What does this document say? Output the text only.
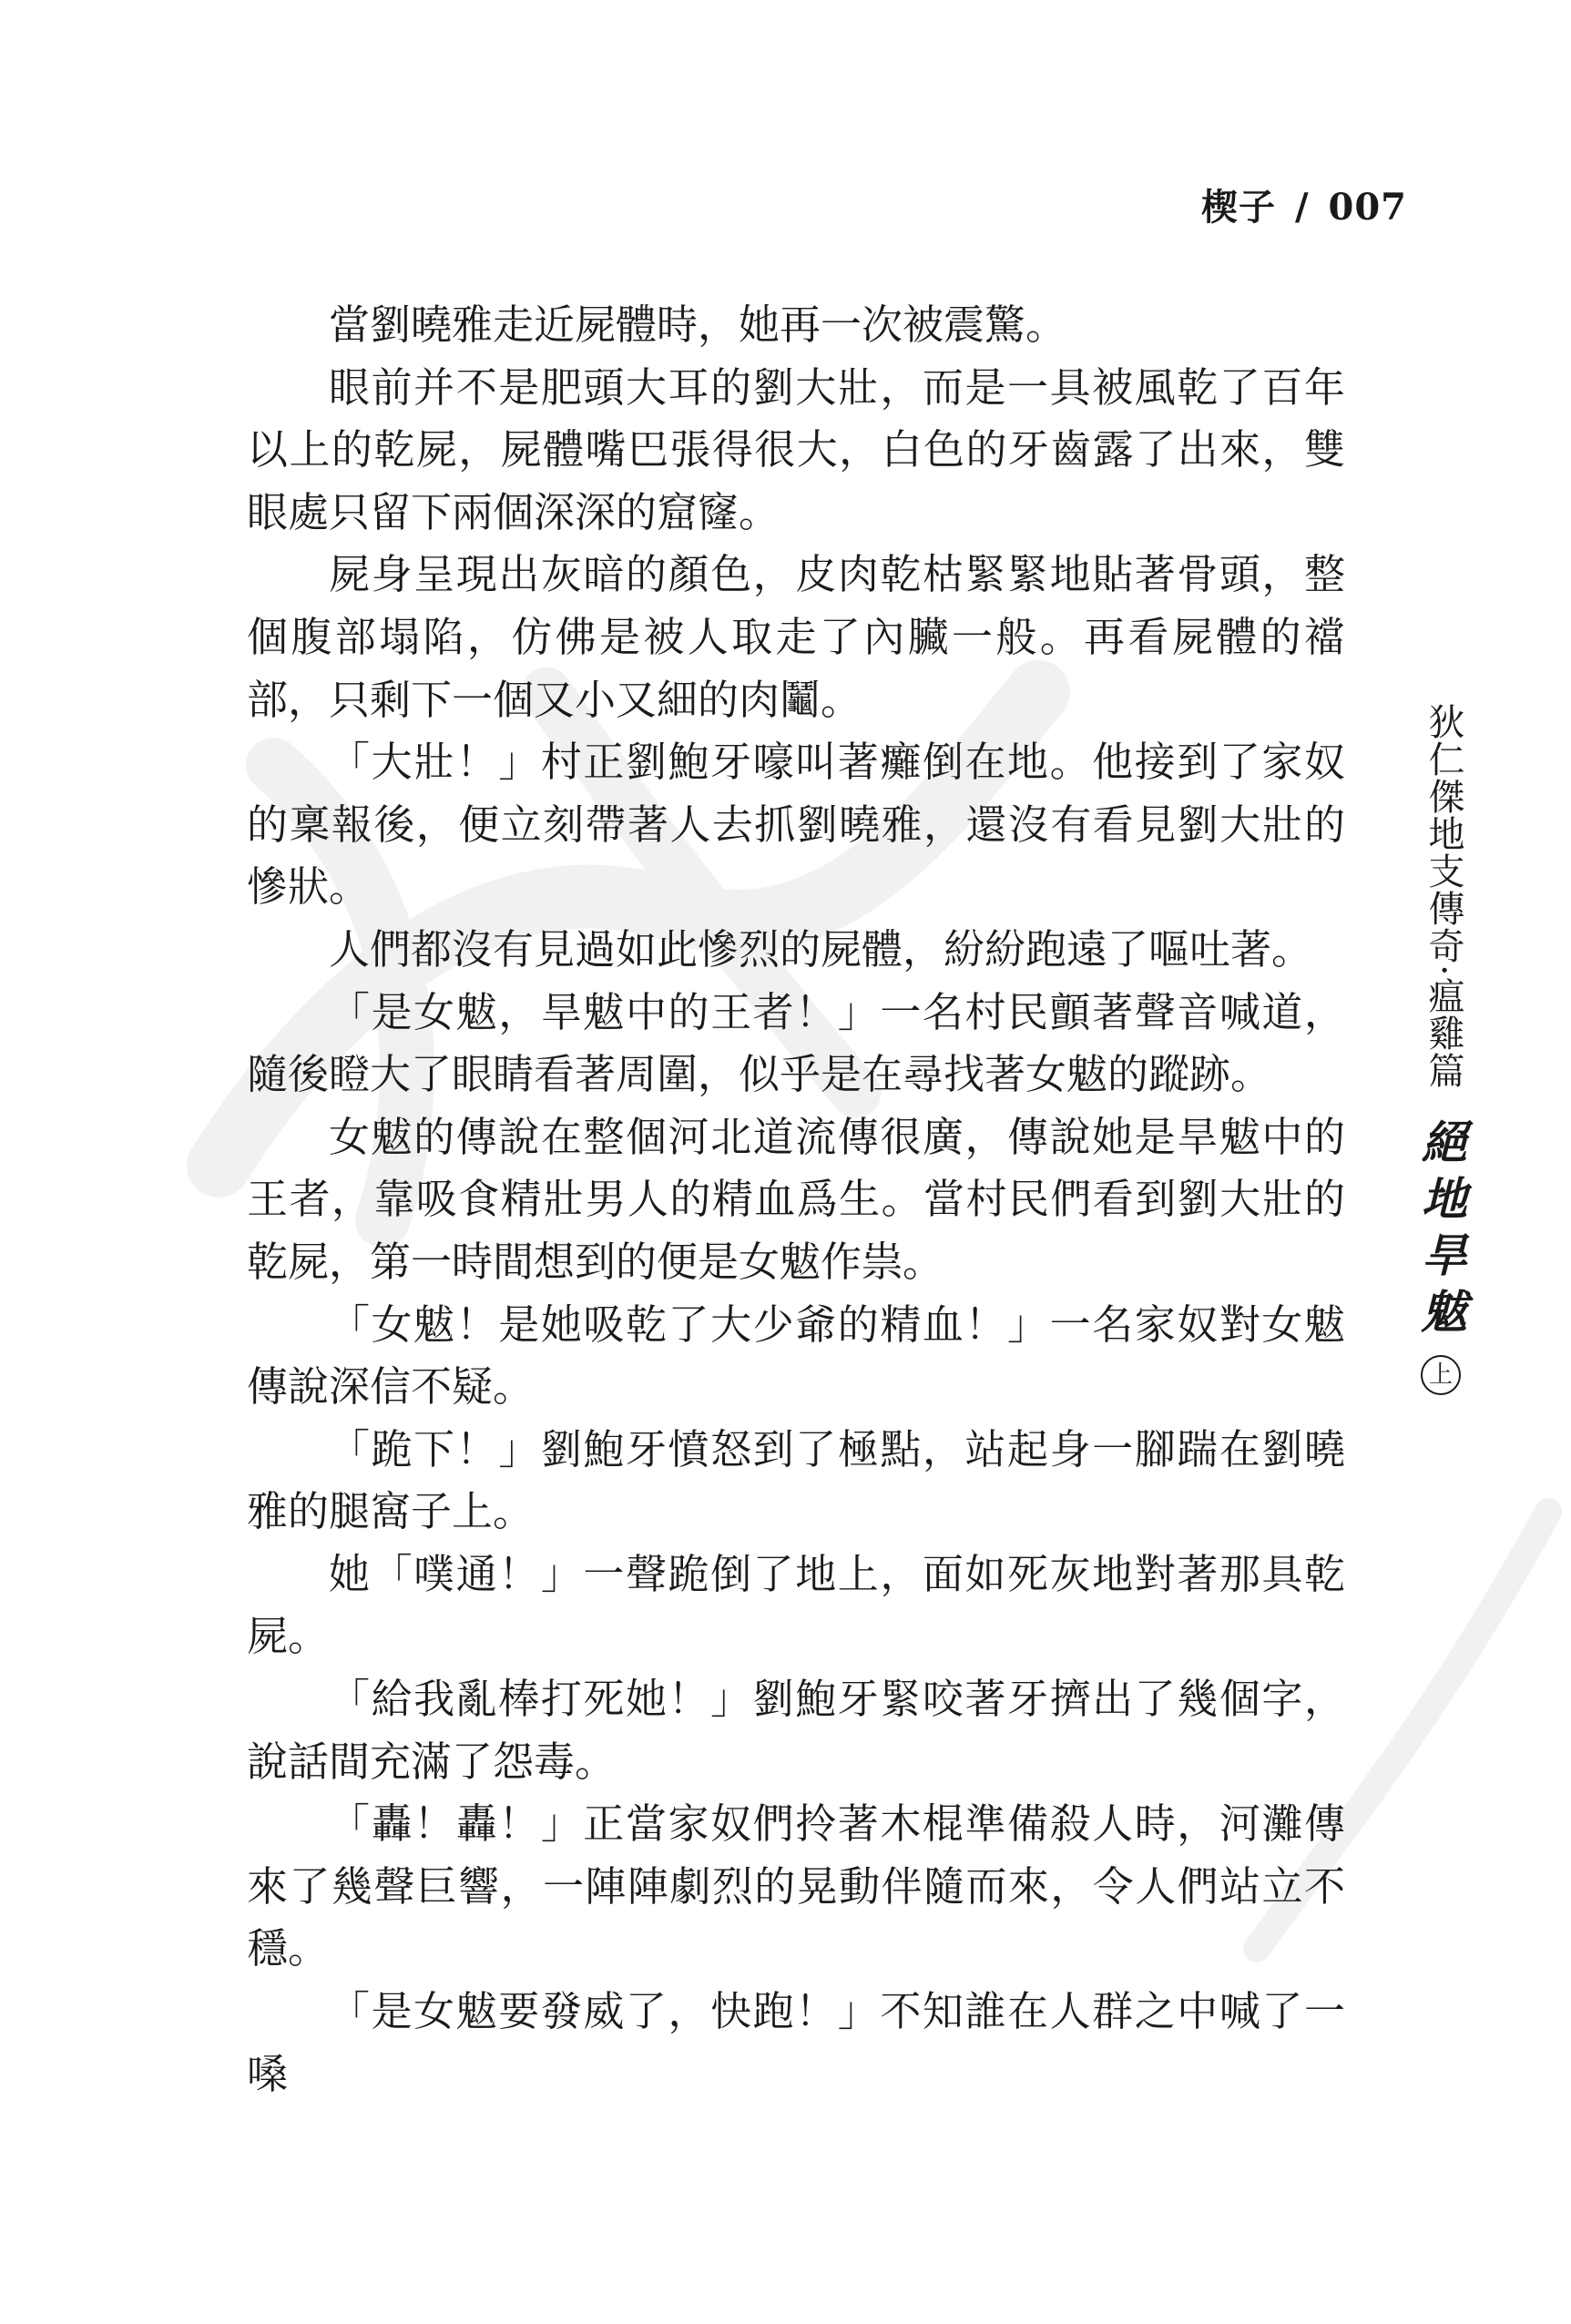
楔子 / 007

當劉曉雅走近屍體時，她再一次被震驚。

眼前并不是肥頭大耳的劉大壯，而是一具被風乾了百年以上的乾屍，屍體嘴巴張得很大，白色的牙齒露了出來，雙眼處只留下兩個深深的窟窿。

屍身呈現出灰暗的顏色，皮肉乾枯緊緊地貼著骨頭，整個腹部塌陷，仿佛是被人取走了內臟一般。再看屍體的襠部，只剩下一個又小又細的肉鬮。

「大壯！」村正劉鮑牙嚎叫著癱倒在地。他接到了家奴的稟報後，便立刻帶著人去抓劉曉雅，還沒有看見劉大壯的慘狀。

人們都沒有見過如此慘烈的屍體，紛紛跑遠了嘔吐著。

「是女魃，旱魃中的王者！」一名村民顫著聲音喊道，隨後瞪大了眼睛看著周圍，似乎是在尋找著女魃的蹤跡。

女魃的傳說在整個河北道流傳很廣，傳說她是旱魃中的王者，靠吸食精壯男人的精血爲生。當村民們看到劉大壯的乾屍，第一時間想到的便是女魃作祟。

「女魃！是她吸乾了大少爺的精血！」一名家奴對女魃傳說深信不疑。

「跪下！」劉鮑牙憤怒到了極點，站起身一腳踹在劉曉雅的腿窩子上。

她「噗通！」一聲跪倒了地上，面如死灰地對著那具乾屍。

「給我亂棒打死她！」劉鮑牙緊咬著牙擠出了幾個字，說話間充滿了怨毒。

「轟！轟！」正當家奴們拎著木棍準備殺人時，河灘傳來了幾聲巨響，一陣陣劇烈的晃動伴隨而來，令人們站立不穩。

「是女魃要發威了，快跑！」不知誰在人群之中喊了一嗓

狄仁傑地支傳奇·瘟雞篇
絕地旱魃
上
